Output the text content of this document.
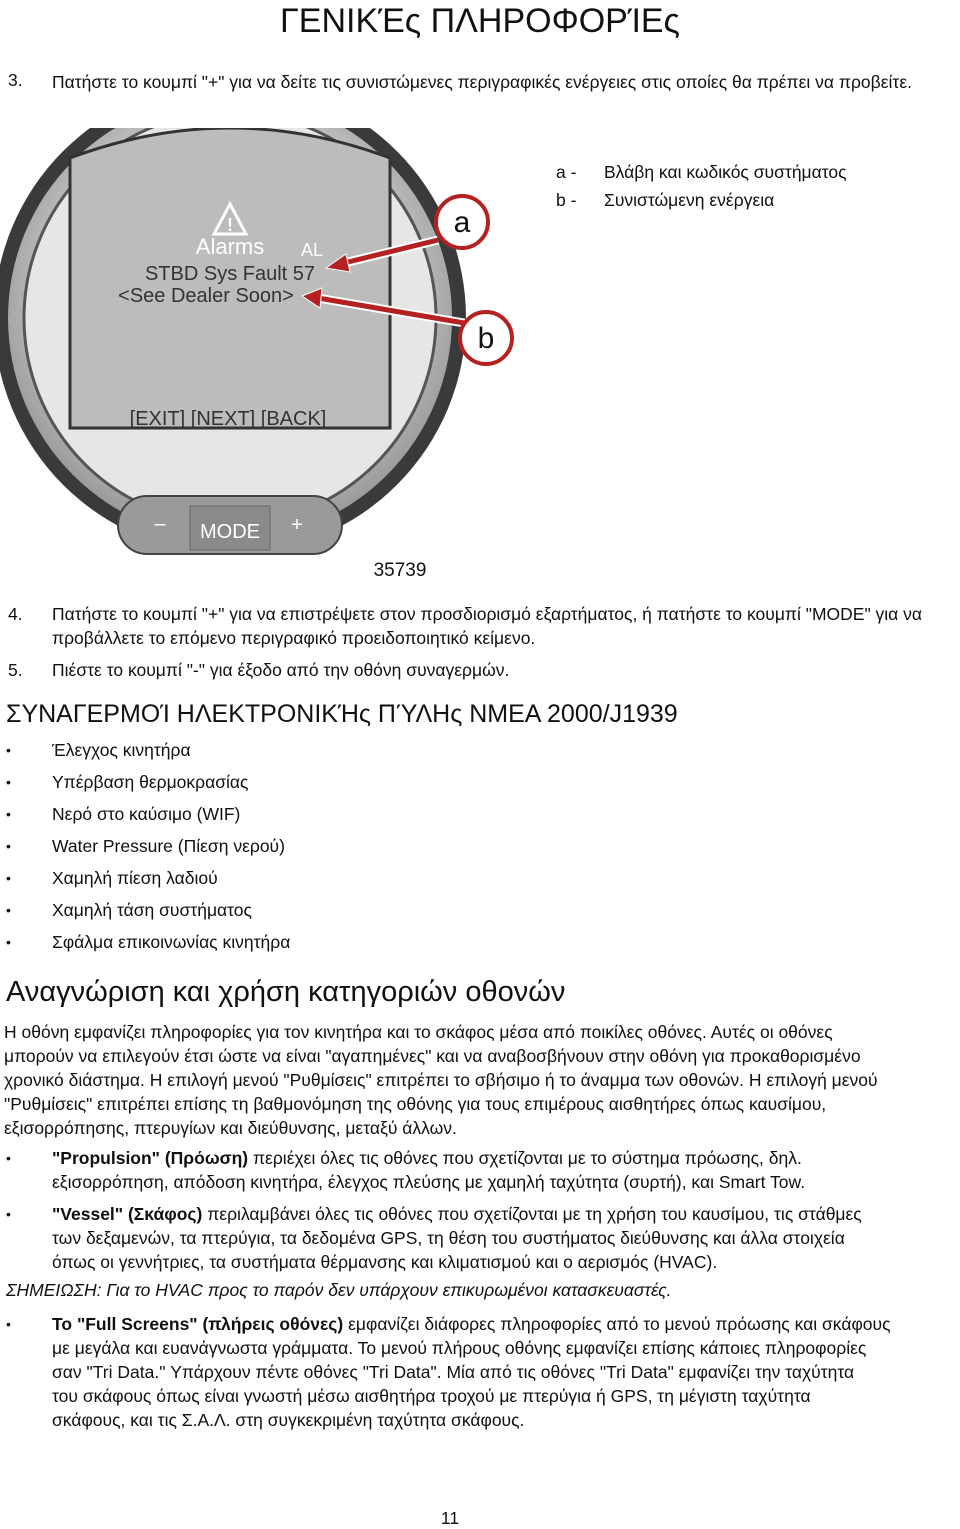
ΓΕΝΙΚΈς ΠΛΗΡΟΦΟΡΊΕς
3. Πατήστε το κουμπί "+" για να δείτε τις συνιστώμενες περιγραφικές ενέργειες στις οποίες θα πρέπει να προβείτε.
!
Alarms AL
STBD Sys Fault 57
<See Dealer Soon>
[EXIT] [NEXT] [BACK]
– MODE +
a
b
35739
a - Βλάβη και κωδικός συστήματος
b - Συνιστώμενη ενέργεια
4. Πατήστε το κουμπί "+" για να επιστρέψετε στον προσδιορισμό εξαρτήματος, ή πατήστε το κουμπί "MODE" για να προβάλλετε το επόμενο περιγραφικό προειδοποιητικό κείμενο.
5. Πιέστε το κουμπί "-" για έξοδο από την οθόνη συναγερμών.
ΣΥΝΑΓΕΡΜΟΊ ΗΛΕΚΤΡΟΝΙΚΉς ΠΎΛΗς NMEA 2000/J1939
• Έλεγχος κινητήρα
• Υπέρβαση θερμοκρασίας
• Νερό στο καύσιμο (WIF)
• Water Pressure (Πίεση νερού)
• Χαμηλή πίεση λαδιού
• Χαμηλή τάση συστήματος
• Σφάλμα επικοινωνίας κινητήρα
Αναγνώριση και χρήση κατηγοριών οθονών
Η οθόνη εμφανίζει πληροφορίες για τον κινητήρα και το σκάφος μέσα από ποικίλες οθόνες. Αυτές οι οθόνες
μπορούν να επιλεγούν έτσι ώστε να είναι "αγαπημένες" και να αναβοσβήνουν στην οθόνη για προκαθορισμένο
χρονικό διάστημα. Η επιλογή μενού "Ρυθμίσεις" επιτρέπει το σβήσιμο ή το άναμμα των οθονών. Η επιλογή μενού
"Ρυθμίσεις" επιτρέπει επίσης τη βαθμονόμηση της οθόνης για τους επιμέρους αισθητήρες όπως καυσίμου,
εξισορρόπησης, πτερυγίων και διεύθυνσης, μεταξύ άλλων.
• "Propulsion" (Πρόωση) περιέχει όλες τις οθόνες που σχετίζονται με το σύστημα πρόωσης, δηλ.
εξισορρόπηση, απόδοση κινητήρα, έλεγχος πλεύσης με χαμηλή ταχύτητα (συρτή), και Smart Tow.
• "Vessel" (Σκάφος) περιλαμβάνει όλες τις οθόνες που σχετίζονται με τη χρήση του καυσίμου, τις στάθμες
των δεξαμενών, τα πτερύγια, τα δεδομένα GPS, τη θέση του συστήματος διεύθυνσης και άλλα στοιχεία
όπως οι γεννήτριες, τα συστήματα θέρμανσης και κλιματισμού και ο αερισμός (HVAC).
ΣΗΜΕΙΩΣΗ: Για το HVAC προς το παρόν δεν υπάρχουν επικυρωμένοι κατασκευαστές.
• Το "Full Screens" (πλήρεις οθόνες) εμφανίζει διάφορες πληροφορίες από το μενού πρόωσης και σκάφους
με μεγάλα και ευανάγνωστα γράμματα. Το μενού πλήρους οθόνης εμφανίζει επίσης κάποιες πληροφορίες
σαν "Tri Data." Υπάρχουν πέντε οθόνες "Tri Data". Μία από τις οθόνες "Tri Data" εμφανίζει την ταχύτητα
του σκάφους όπως είναι γνωστή μέσω αισθητήρα τροχού με πτερύγια ή GPS, τη μέγιστη ταχύτητα
σκάφους, και τις Σ.Α.Λ. στη συγκεκριμένη ταχύτητα σκάφους.
11
